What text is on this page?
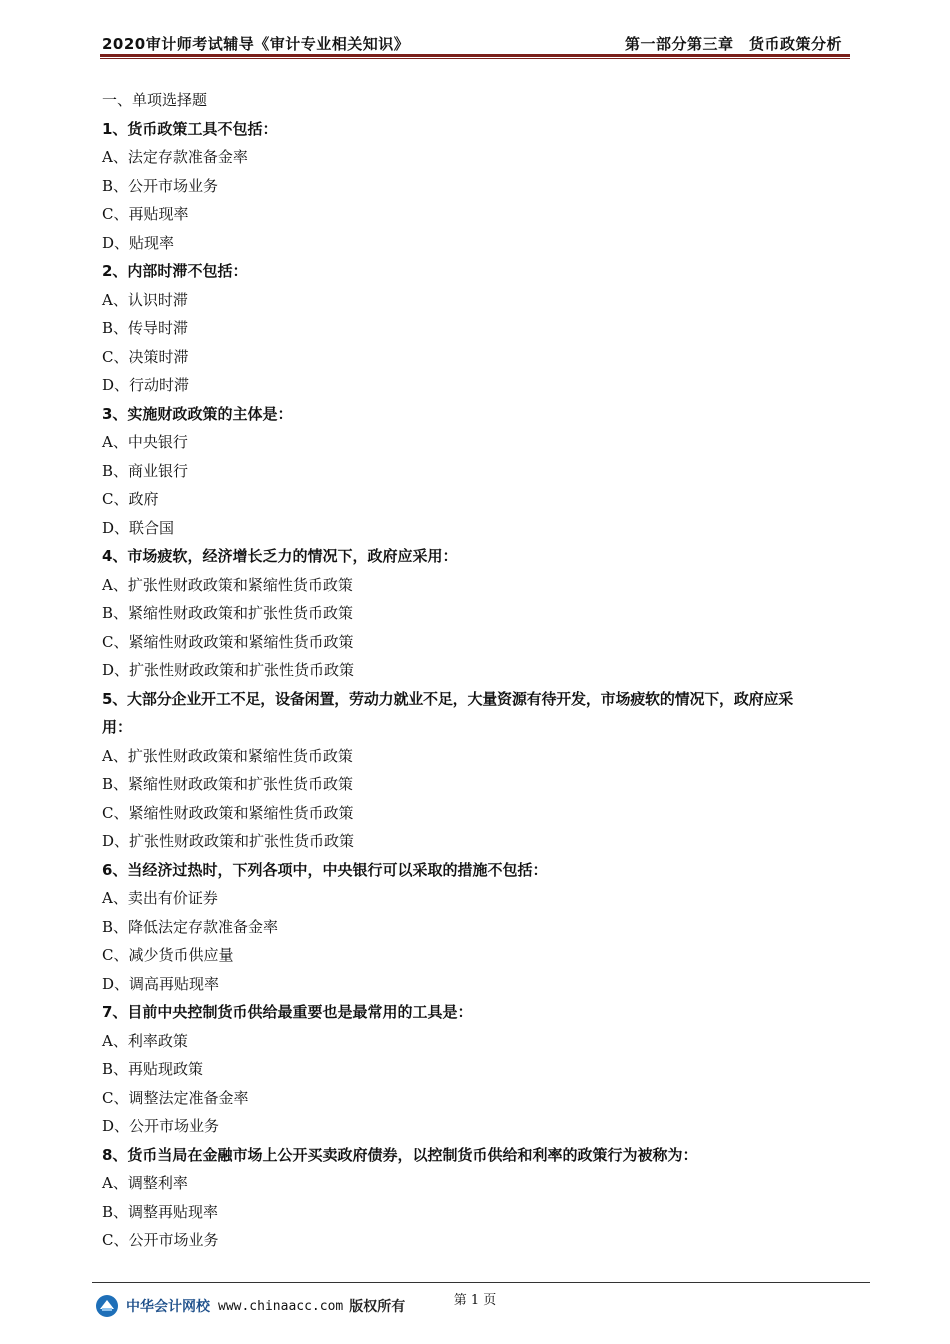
2020审计师考试辅导《审计专业相关知识》	第一部分第三章　货币政策分析
一、单项选择题
1、货币政策工具不包括：
A、法定存款准备金率
B、公开市场业务
C、再贴现率
D、贴现率
2、内部时滞不包括：
A、认识时滞
B、传导时滞
C、决策时滞
D、行动时滞
3、实施财政政策的主体是：
A、中央银行
B、商业银行
C、政府
D、联合国
4、市场疲软，经济增长乏力的情况下，政府应采用：
A、扩张性财政政策和紧缩性货币政策
B、紧缩性财政政策和扩张性货币政策
C、紧缩性财政政策和紧缩性货币政策
D、扩张性财政政策和扩张性货币政策
5、大部分企业开工不足，设备闲置，劳动力就业不足，大量资源有待开发，市场疲软的情况下，政府应采
用：
A、扩张性财政政策和紧缩性货币政策
B、紧缩性财政政策和扩张性货币政策
C、紧缩性财政政策和紧缩性货币政策
D、扩张性财政政策和扩张性货币政策
6、当经济过热时，下列各项中，中央银行可以采取的措施不包括：
A、卖出有价证券
B、降低法定存款准备金率
C、减少货币供应量
D、调高再贴现率
7、目前中央控制货币供给最重要也是最常用的工具是：
A、利率政策
B、再贴现政策
C、调整法定准备金率
D、公开市场业务
8、货币当局在金融市场上公开买卖政府债券，以控制货币供给和利率的政策行为被称为：
A、调整利率
B、调整再贴现率
C、公开市场业务
第 1 页
中华会计网校 www.chinaacc.com 版权所有
